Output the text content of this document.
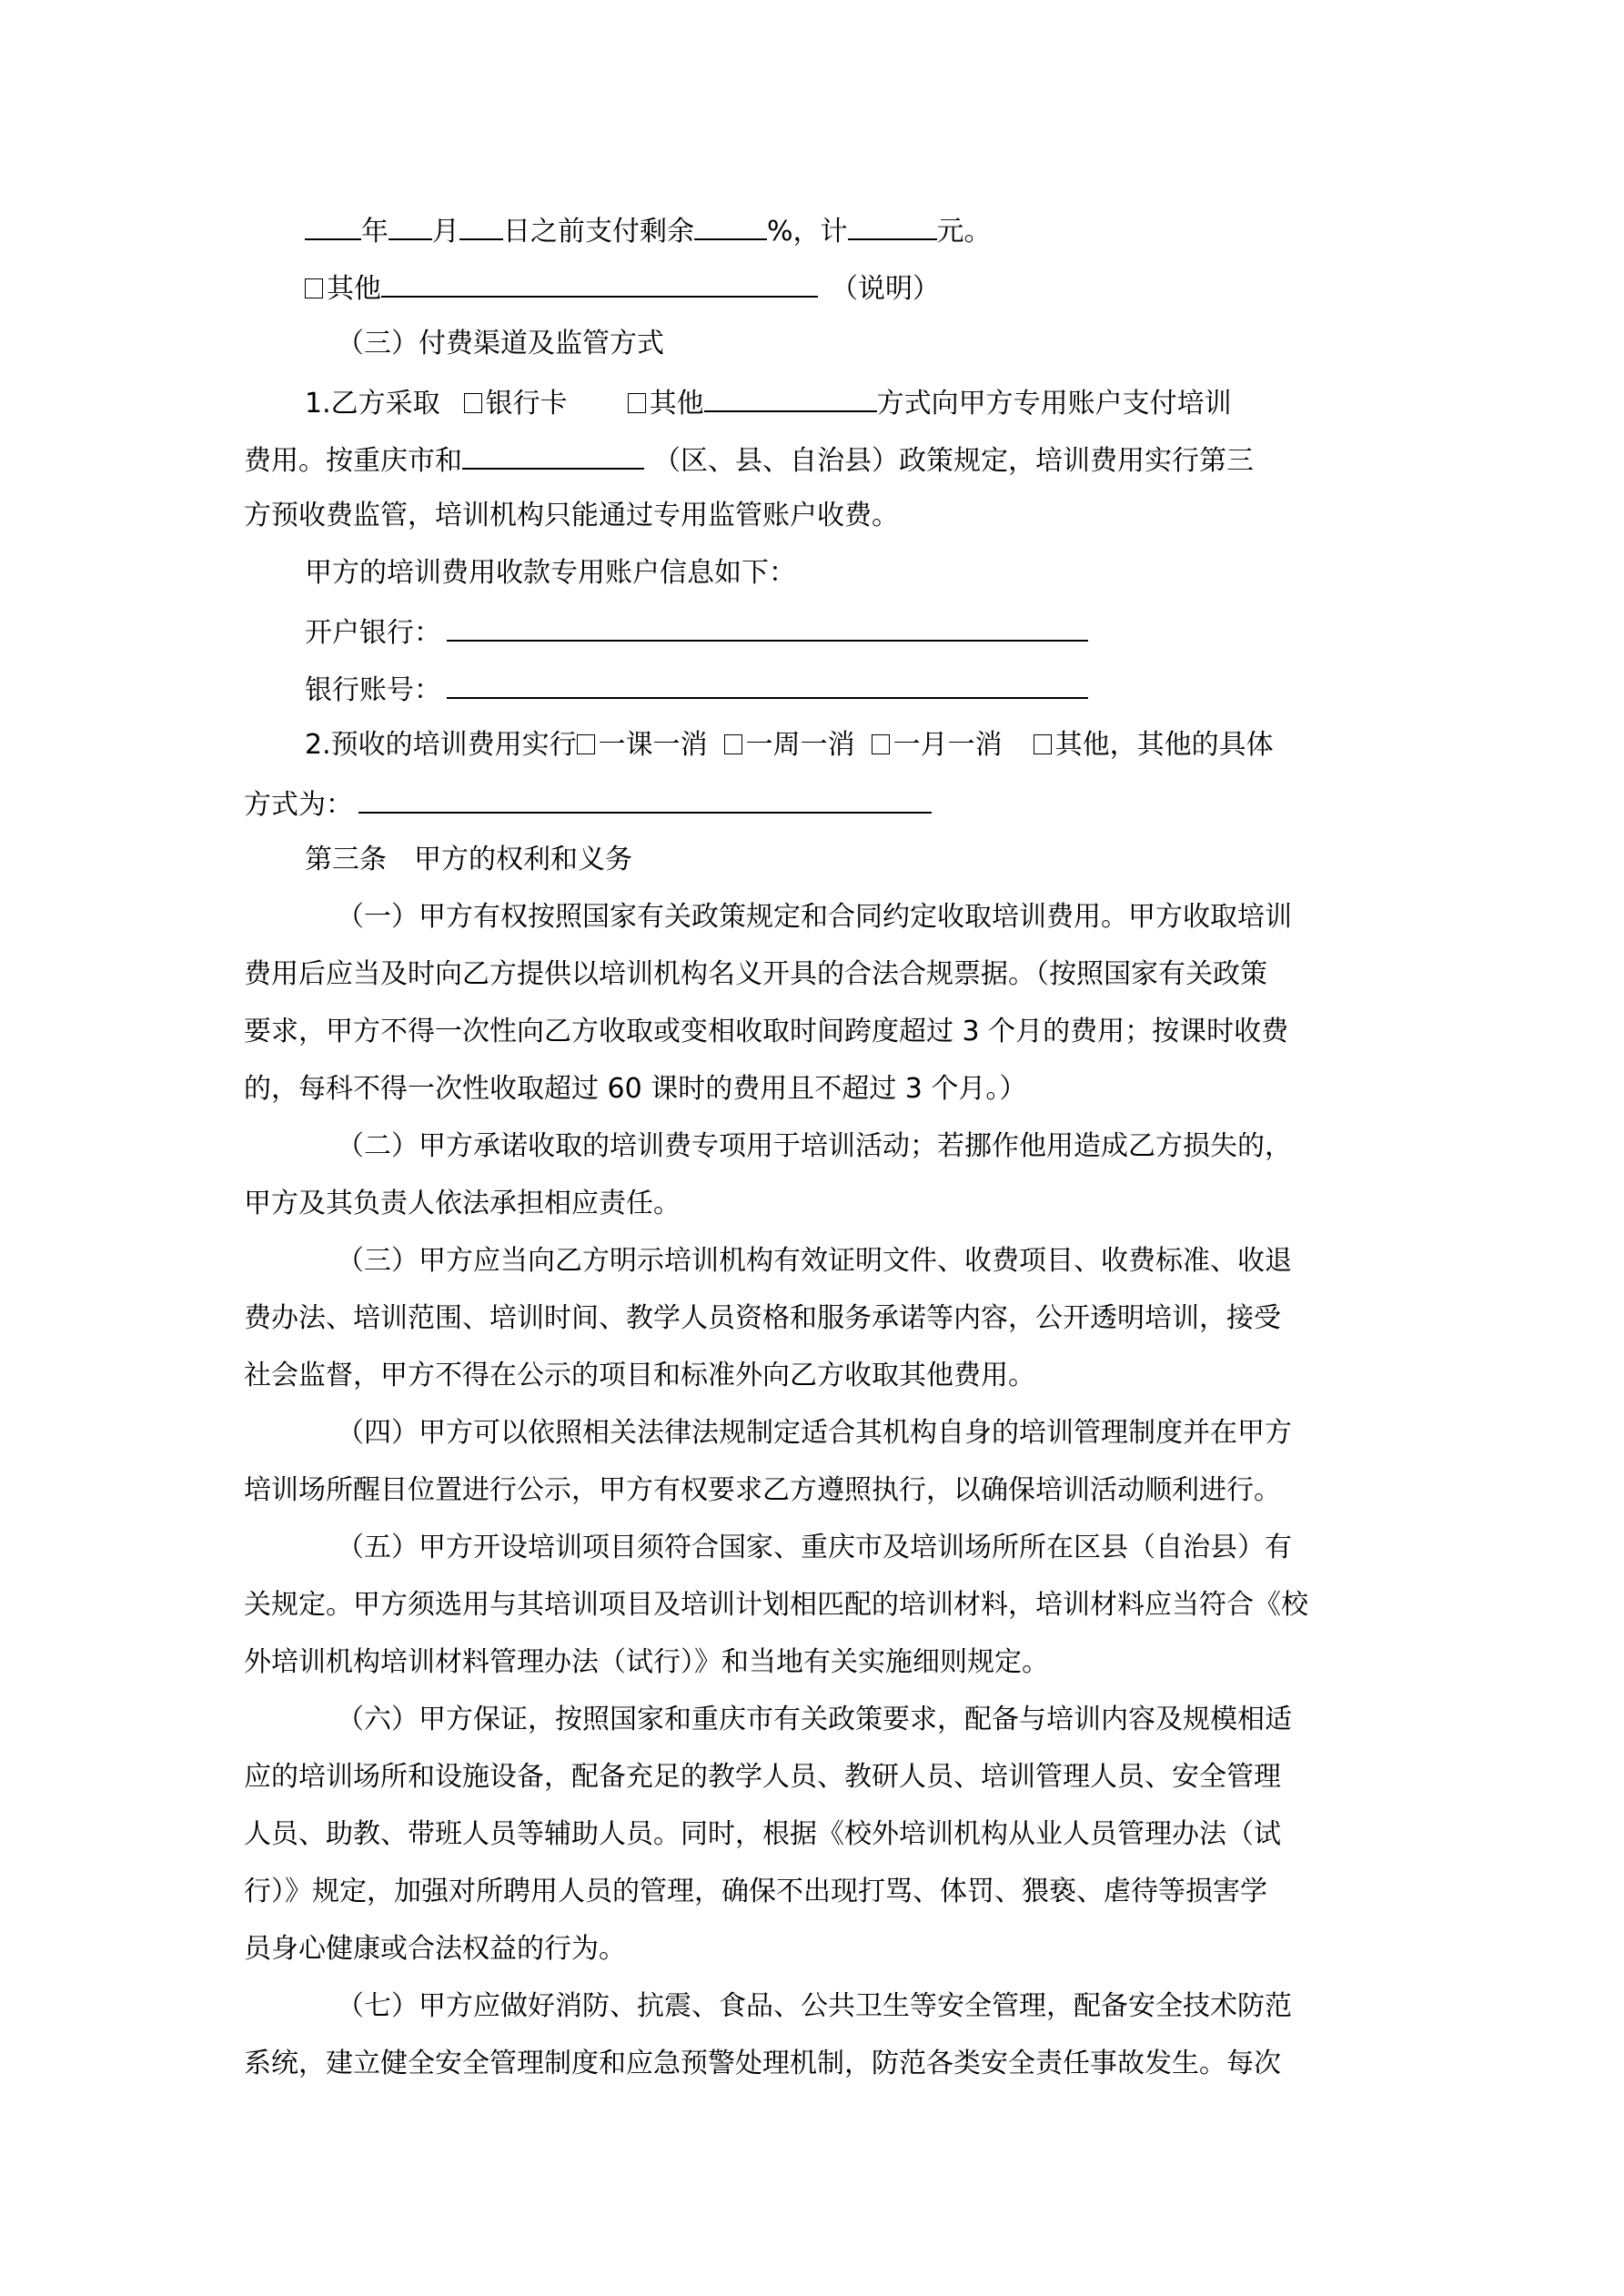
年 月 日之前支付剩余	%，计	元。
其他	（说明）
（三）付费渠道及监管方式
1.乙方采取 银行卡	其他	方式向甲方专用账户支付培训
费用。按重庆市和	（区、县、自治县）政策规定，培训费用实行第三
方预收费监管，培训机构只能通过专用监管账户收费。
甲方的培训费用收款专用账户信息如下：
开户银行：
银行账号：
2.预收的培训费用实行 一课一消 一周一消 一月一消 其他，其他的具体
方式为：
第三条　甲方的权利和义务
（一）甲方有权按照国家有关政策规定和合同约定收取培训费用。甲方收取培训
费用后应当及时向乙方提供以培训机构名义开具的合法合规票据。（按照国家有关政策
要求，甲方不得一次性向乙方收取或变相收取时间跨度超过 3 个月的费用；按课时收费
的，每科不得一次性收取超过 60 课时的费用且不超过 3 个月。）
（二）甲方承诺收取的培训费专项用于培训活动；若挪作他用造成乙方损失的，
甲方及其负责人依法承担相应责任。
（三）甲方应当向乙方明示培训机构有效证明文件、收费项目、收费标准、收退
费办法、培训范围、培训时间、教学人员资格和服务承诺等内容，公开透明培训，接受
社会监督，甲方不得在公示的项目和标准外向乙方收取其他费用。
（四）甲方可以依照相关法律法规制定适合其机构自身的培训管理制度并在甲方
培训场所醒目位置进行公示，甲方有权要求乙方遵照执行，以确保培训活动顺利进行。
（五）甲方开设培训项目须符合国家、重庆市及培训场所所在区县（自治县）有
关规定。甲方须选用与其培训项目及培训计划相匹配的培训材料，培训材料应当符合《校
外培训机构培训材料管理办法（试行）》和当地有关实施细则规定。
（六）甲方保证，按照国家和重庆市有关政策要求，配备与培训内容及规模相适
应的培训场所和设施设备，配备充足的教学人员、教研人员、培训管理人员、安全管理
人员、助教、带班人员等辅助人员。同时，根据《校外培训机构从业人员管理办法（试
行）》规定，加强对所聘用人员的管理，确保不出现打骂、体罚、猥亵、虐待等损害学
员身心健康或合法权益的行为。
（七）甲方应做好消防、抗震、食品、公共卫生等安全管理，配备安全技术防范
系统，建立健全安全管理制度和应急预警处理机制，防范各类安全责任事故发生。每次
